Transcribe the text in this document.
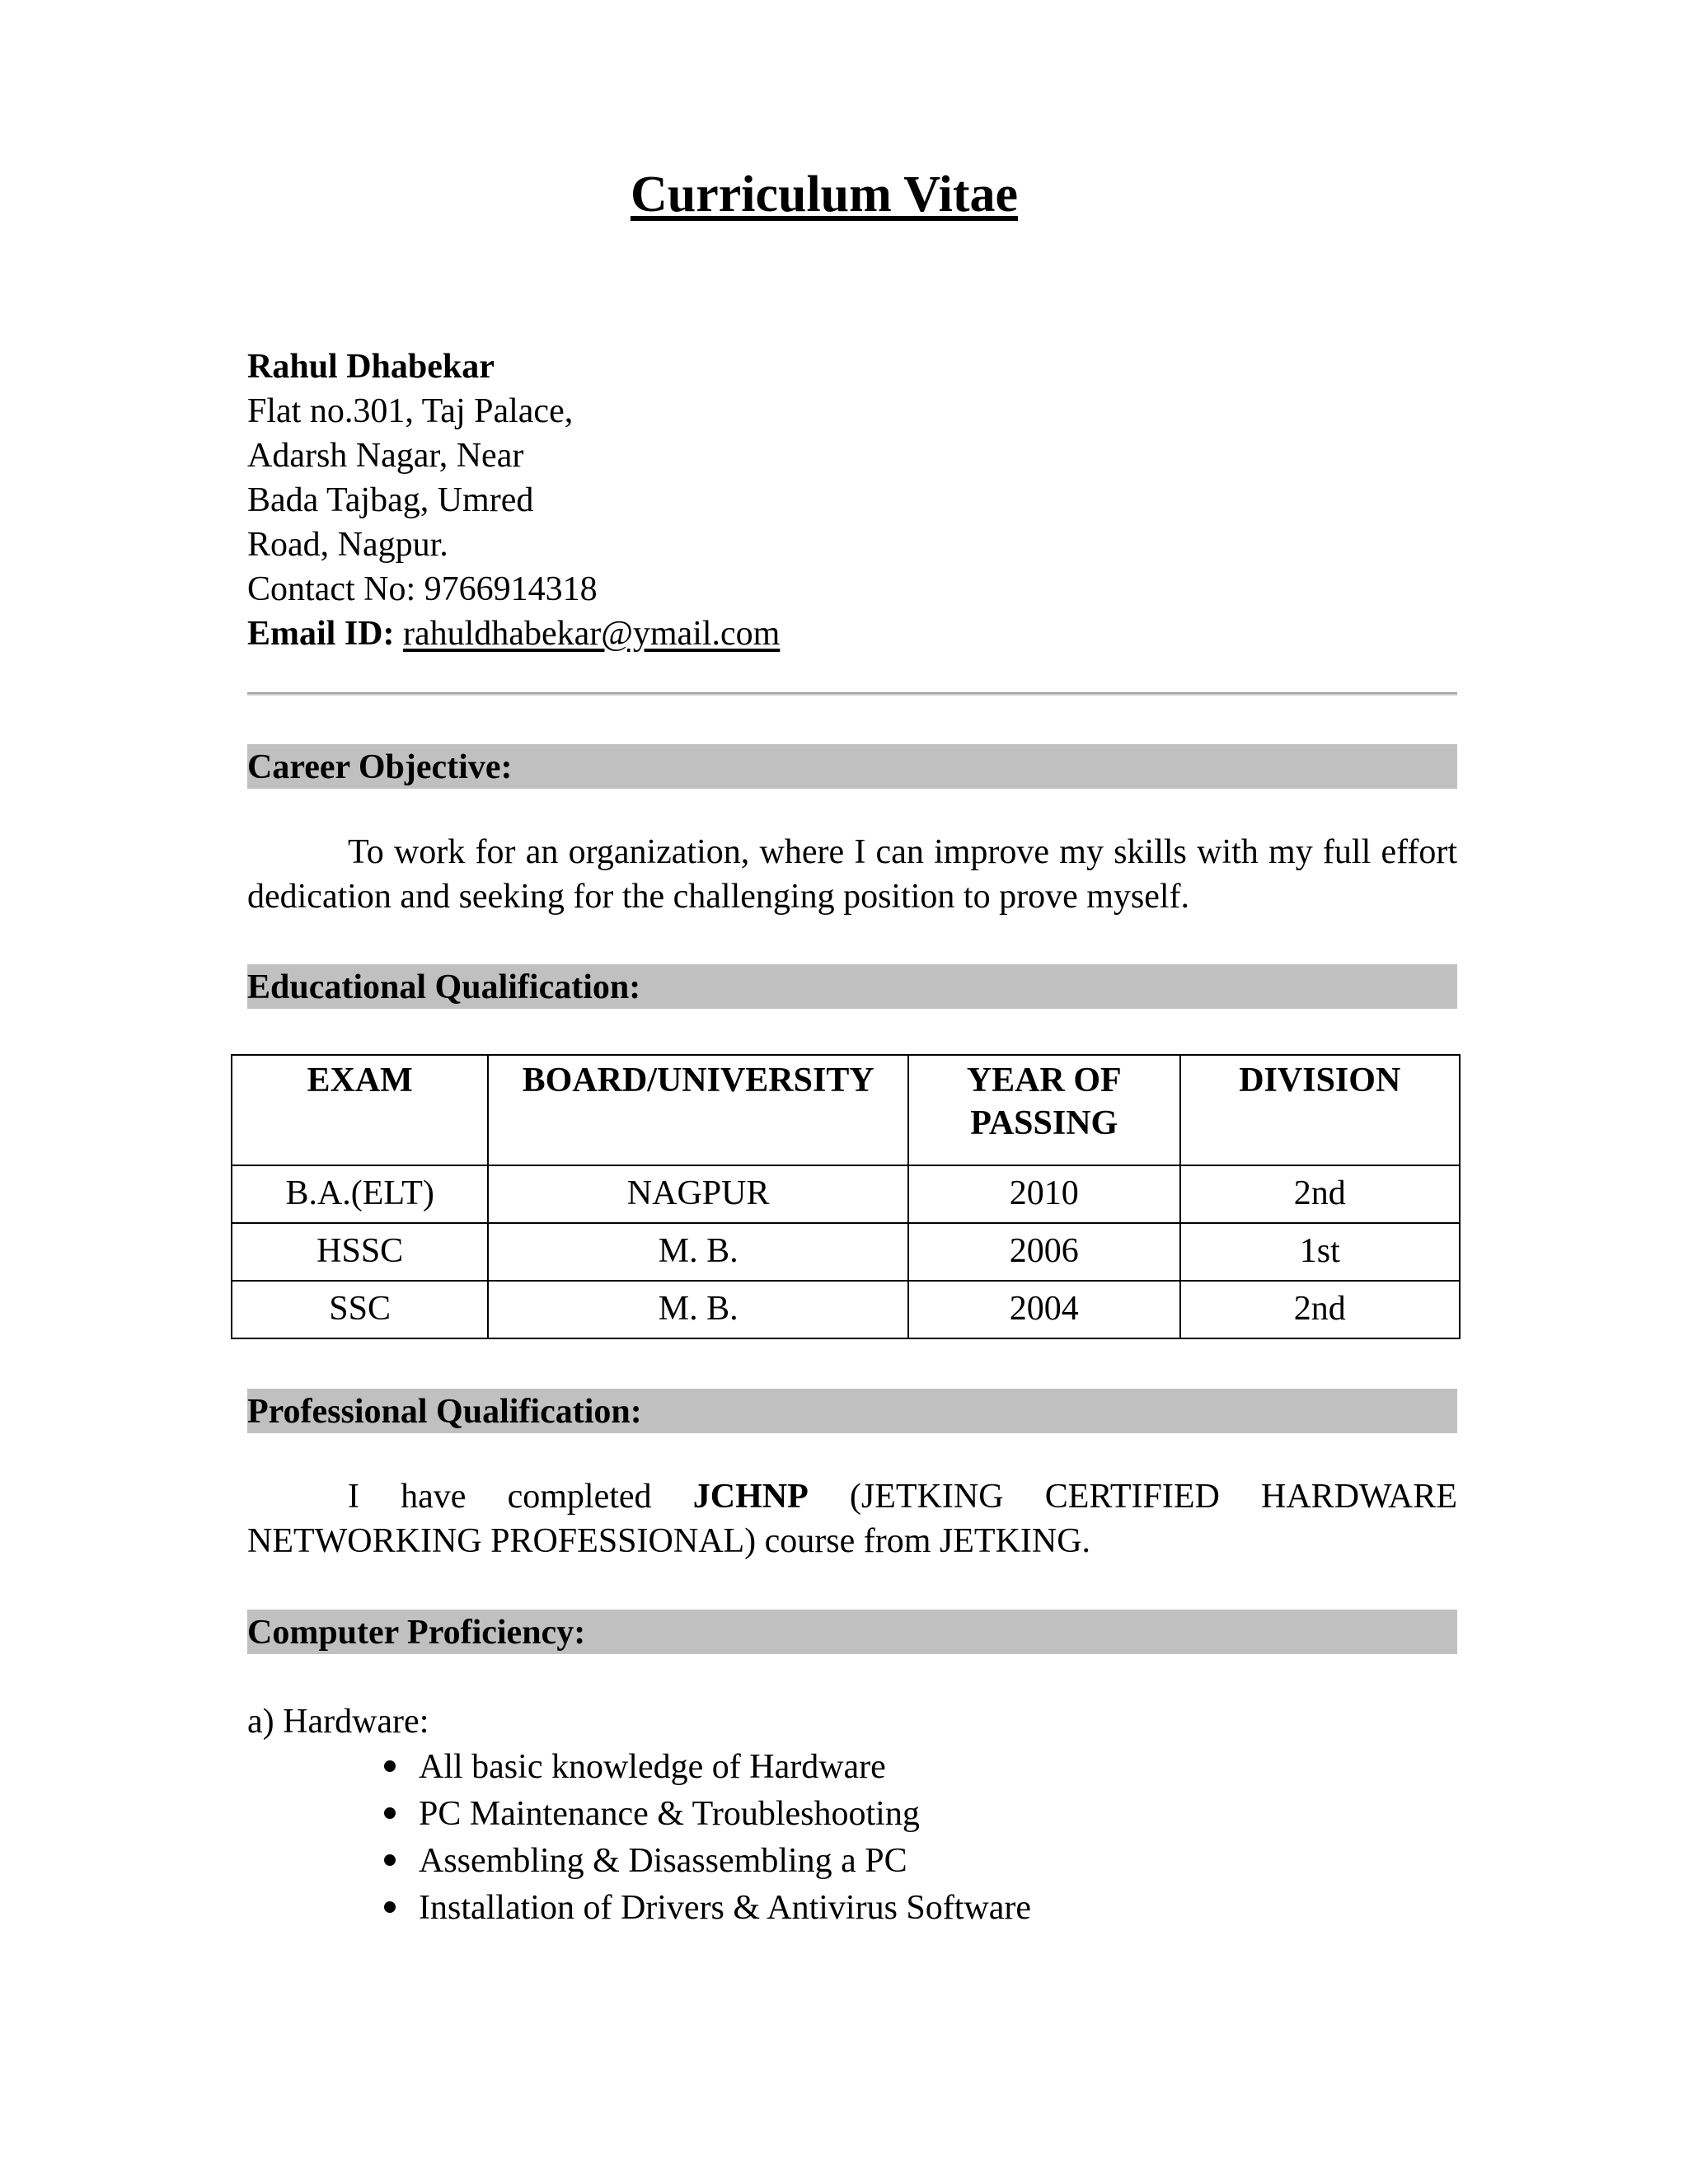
Curriculum Vitae
Rahul Dhabekar
Flat no.301, Taj Palace,
Adarsh Nagar, Near
Bada Tajbag, Umred
Road, Nagpur.
Contact No: 9766914318
Email ID: rahuldhabekar@ymail.com
Career Objective:
To work for an organization, where I can improve my skills with my full effort dedication and seeking for the challenging position to prove myself.
Educational Qualification:
EXAM	BOARD/UNIVERSITY	YEAR OF PASSING	DIVISION
B.A.(ELT)	NAGPUR	2010	2nd
HSSC	M. B.	2006	1st
SSC	M. B.	2004	2nd
Professional Qualification:
I have completed JCHNP (JETKING CERTIFIED HARDWARE NETWORKING PROFESSIONAL) course from JETKING.
Computer Proficiency:
a) Hardware:
All basic knowledge of Hardware
PC Maintenance & Troubleshooting
Assembling & Disassembling a PC
Installation of Drivers & Antivirus Software
